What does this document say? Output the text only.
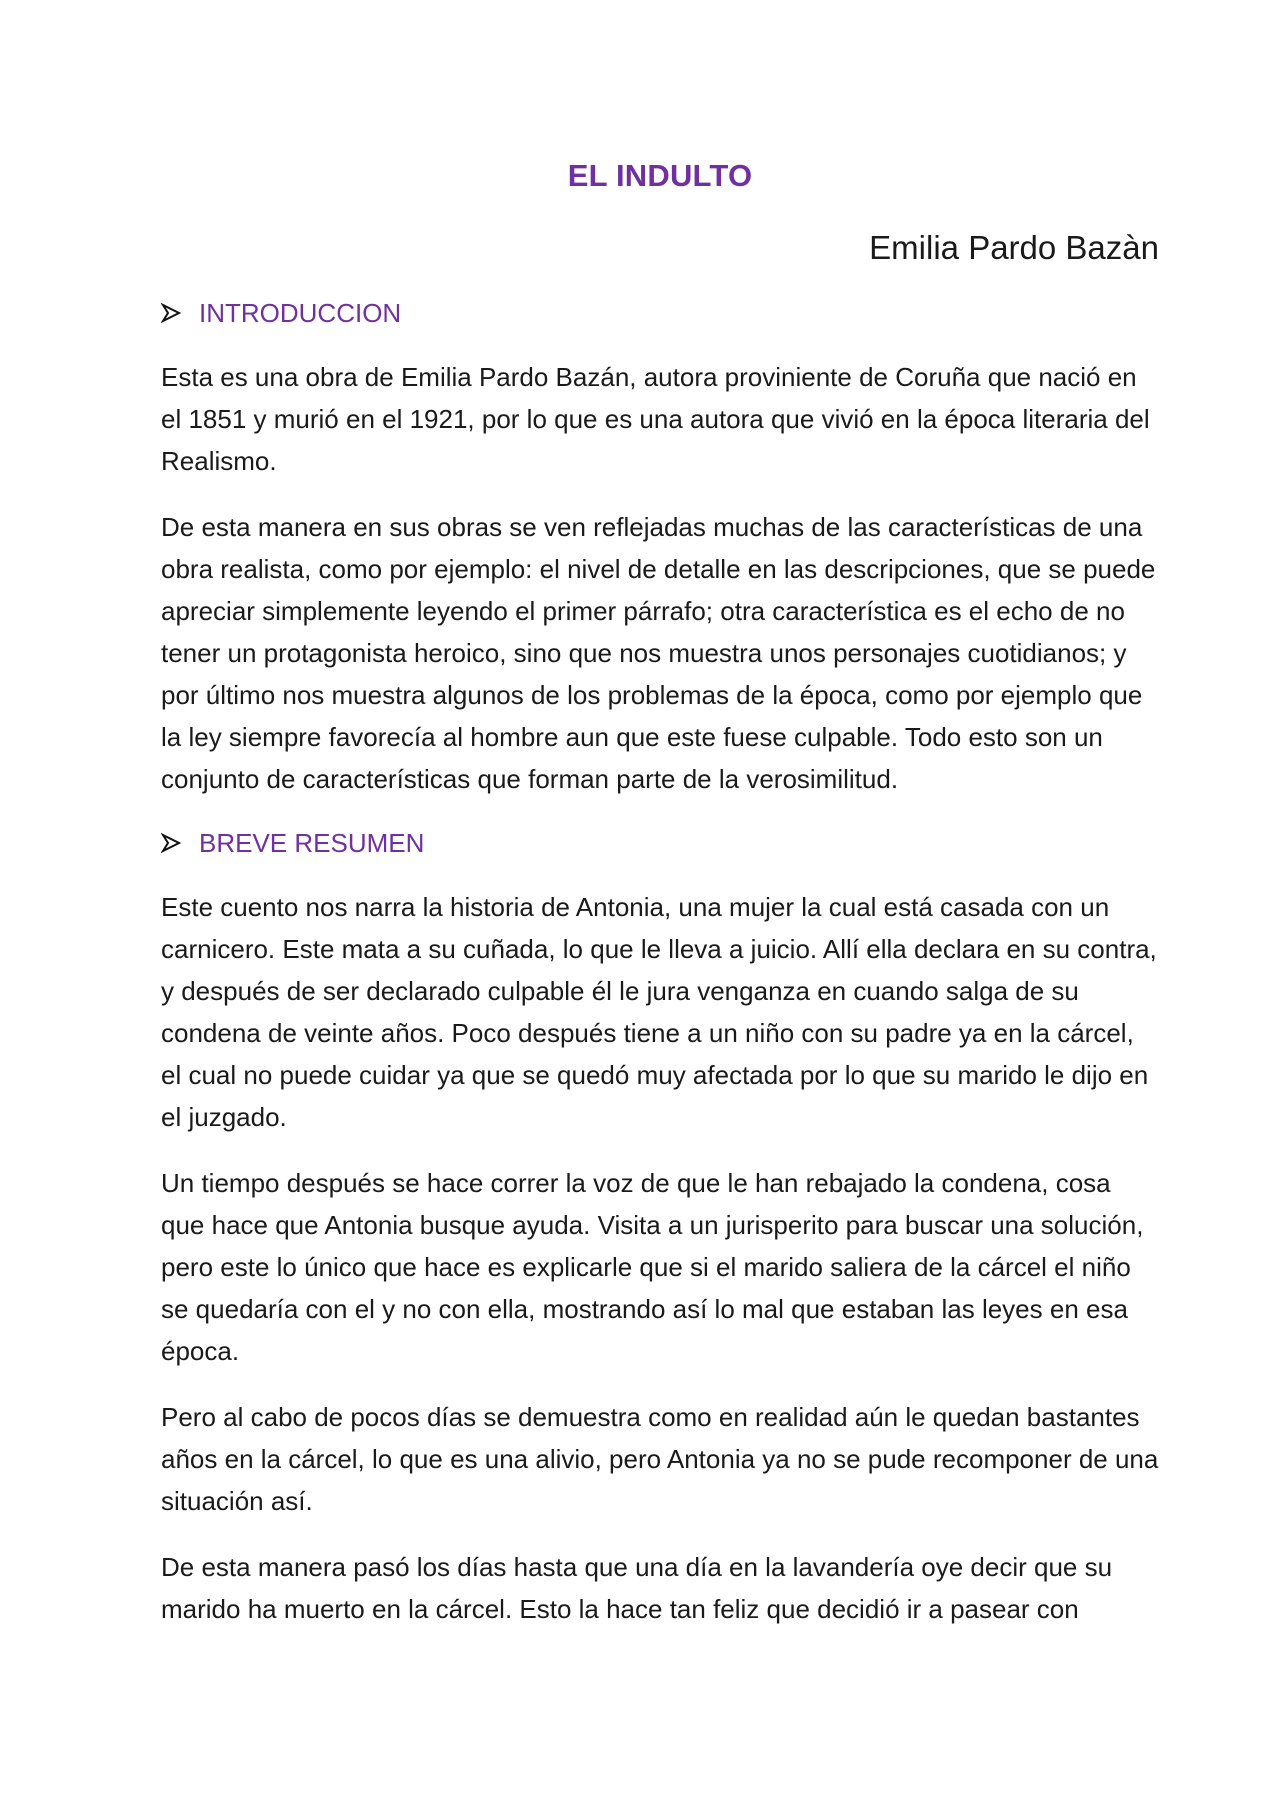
EL INDULTO
Emilia Pardo Bazàn
INTRODUCCION

Esta es una obra de Emilia Pardo Bazán, autora proviniente de Coruña que nació en el 1851 y murió en el 1921, por lo que es una autora que vivió en la época literaria del Realismo.

De esta manera en sus obras se ven reflejadas muchas de las características de una obra realista, como por ejemplo: el nivel de detalle en las descripciones, que se puede apreciar simplemente leyendo el primer párrafo; otra característica es el echo de no tener un protagonista heroico, sino que nos muestra unos personajes cuotidianos; y por último nos muestra algunos de los problemas de la época, como por ejemplo que la ley siempre favorecía al hombre aun que este fuese culpable. Todo esto son un conjunto de características que forman parte de la verosimilitud.

BREVE RESUMEN

Este cuento nos narra la historia de Antonia, una mujer la cual está casada con un carnicero. Este mata a su cuñada, lo que le lleva a juicio. Allí ella declara en su contra, y después de ser declarado culpable él le jura venganza en cuando salga de su condena de veinte años. Poco después tiene a un niño con su padre ya en la cárcel, el cual no puede cuidar ya que se quedó muy afectada por lo que su marido le dijo en el juzgado.

Un tiempo después se hace correr la voz de que le han rebajado la condena, cosa que hace que Antonia busque ayuda. Visita a un jurisperito para buscar una solución, pero este lo único que hace es explicarle que si el marido saliera de la cárcel el niño se quedaría con el y no con ella, mostrando así lo mal que estaban las leyes en esa época.

Pero al cabo de pocos días se demuestra como en realidad aún le quedan bastantes años en la cárcel, lo que es una alivio, pero Antonia ya no se pude recomponer de una situación así.

De esta manera pasó los días hasta que una día en la lavandería oye decir que su marido ha muerto en la cárcel. Esto la hace tan feliz que decidió ir a pasear con
